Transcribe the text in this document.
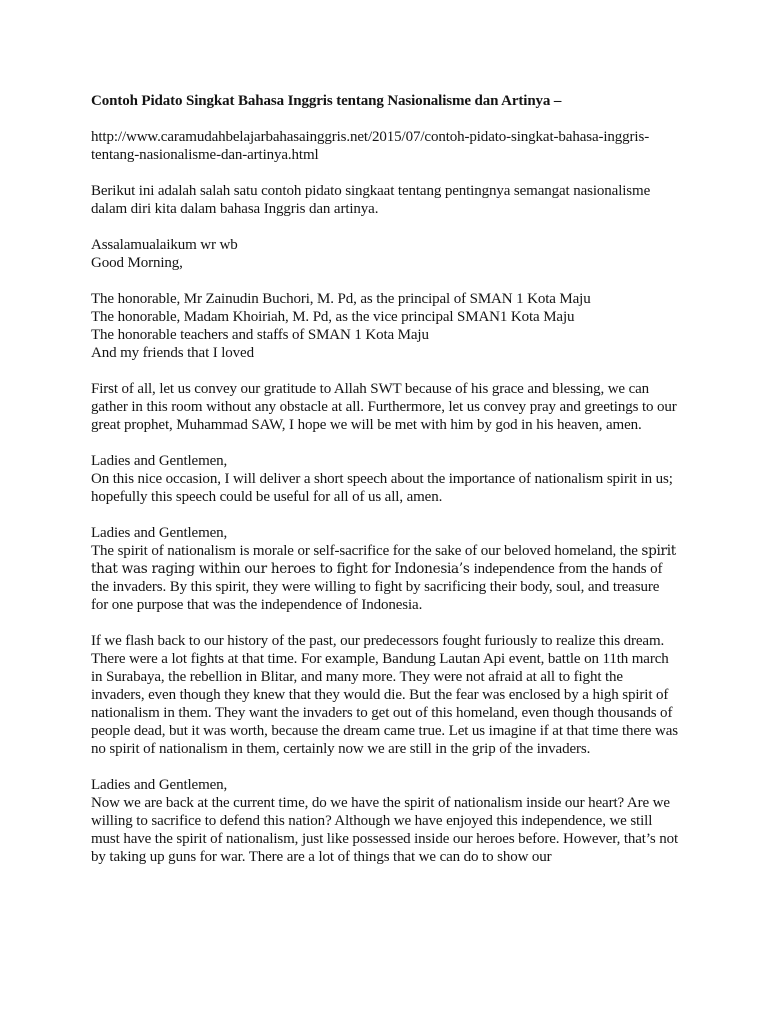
Contoh Pidato Singkat Bahasa Inggris tentang Nasionalisme dan Artinya –
http://www.caramudahbelajarbahasainggris.net/2015/07/contoh-pidato-singkat-bahasa-inggris-tentang-nasionalisme-dan-artinya.html
Berikut ini adalah salah satu contoh pidato singkaat tentang pentingnya semangat nasionalisme dalam diri kita dalam bahasa Inggris dan artinya.
Assalamualaikum wr wb
Good Morning,
The honorable, Mr Zainudin Buchori, M. Pd, as the principal of SMAN 1 Kota Maju
The honorable, Madam Khoiriah, M. Pd, as the vice principal SMAN1 Kota Maju
The honorable teachers and staffs of SMAN 1 Kota Maju
And my friends that I loved
First of all, let us convey our gratitude to Allah SWT because of his grace and blessing, we can gather in this room without any obstacle at all. Furthermore, let us convey pray and greetings to our great prophet, Muhammad SAW, I hope we will be met with him by god in his heaven, amen.
Ladies and Gentlemen,
On this nice occasion, I will deliver a short speech about the importance of nationalism spirit in us; hopefully this speech could be useful for all of us all, amen.
Ladies and Gentlemen,
The spirit of nationalism is morale or self-sacrifice for the sake of our beloved homeland, the spirit that was raging within our heroes to fight for Indonesia’s independence from the hands of the invaders. By this spirit, they were willing to fight by sacrificing their body, soul, and treasure for one purpose that was the independence of Indonesia.
If we flash back to our history of the past, our predecessors fought furiously to realize this dream. There were a lot fights at that time. For example, Bandung Lautan Api event, battle on 11th march in Surabaya, the rebellion in Blitar, and many more. They were not afraid at all to fight the invaders, even though they knew that they would die. But the fear was enclosed by a high spirit of nationalism in them. They want the invaders to get out of this homeland, even though thousands of people dead, but it was worth, because the dream came true. Let us imagine if at that time there was no spirit of nationalism in them, certainly now we are still in the grip of the invaders.
Ladies and Gentlemen,
Now we are back at the current time, do we have the spirit of nationalism inside our heart? Are we willing to sacrifice to defend this nation? Although we have enjoyed this independence, we still must have the spirit of nationalism, just like possessed inside our heroes before. However, that’s not by taking up guns for war. There are a lot of things that we can do to show our
